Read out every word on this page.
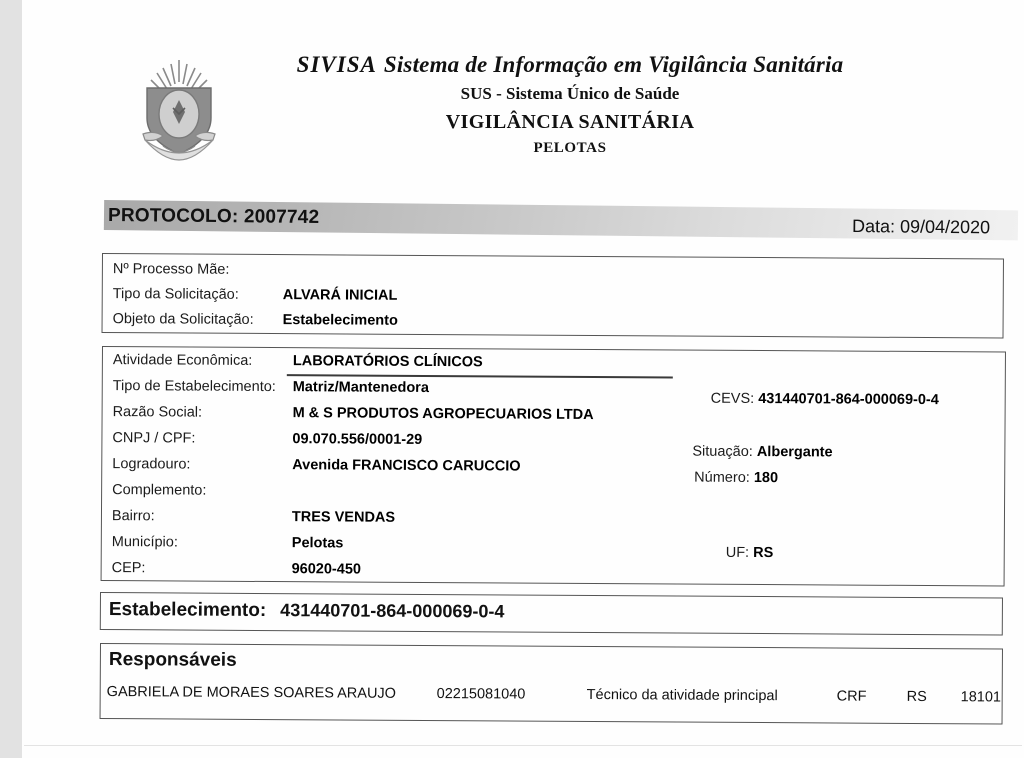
SIVISA Sistema de Informação em Vigilância Sanitária
SUS - Sistema Único de Saúde
VIGILÂNCIA SANITÁRIA
PELOTAS
PROTOCOLO: 2007742	Data: 09/04/2020
Nº Processo Mãe:
Tipo da Solicitação:	ALVARÁ INICIAL
Objeto da Solicitação: Estabelecimento
Atividade Econômica:	LABORATÓRIOS CLÍNICOS
Tipo de Estabelecimento: Matriz/Mantenedora
Razão Social:	M & S PRODUTOS AGROPECUARIOS LTDA
CNPJ / CPF:	09.070.556/0001-29
Logradouro:	Avenida FRANCISCO CARUCCIO
Complemento:
Bairro:	TRES VENDAS
Município:	Pelotas
CEP:	96020-450
CEVS: 431440701-864-000069-0-4
Situação: Albergante
Número: 180
UF: RS
Estabelecimento: 431440701-864-000069-0-4
Responsáveis
GABRIELA DE MORAES SOARES ARAUJO	02215081040	Técnico da atividade principal	CRF	RS 18101
